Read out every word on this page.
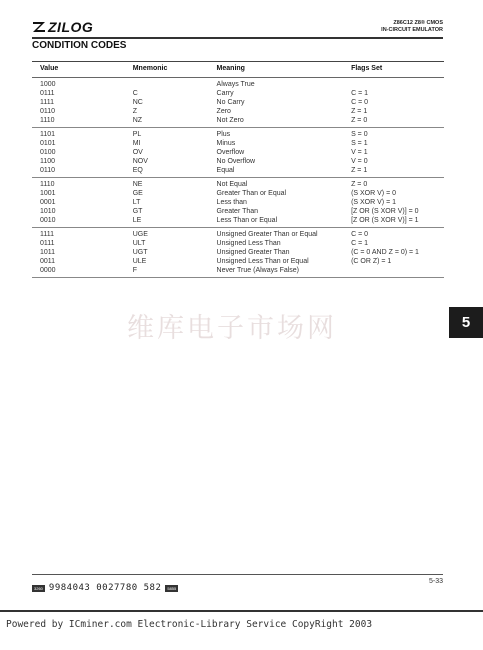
ZILOG	Z86C12 Z8® CMOS
IN-CIRCUIT EMULATOR
CONDITION CODES
Value	Mnemonic	Meaning	Flags Set
1000		Always True	
0111	C	Carry	C = 1
1111	NC	No Carry	C = 0
0110	Z	Zero	Z = 1
1110	NZ	Not Zero	Z = 0
1101	PL	Plus	S = 0
0101	MI	Minus	S = 1
0100	OV	Overflow	V = 1
1100	NOV	No Overflow	V = 0
0110	EQ	Equal	Z = 1
1110	NE	Not Equal	Z = 0
1001	GE	Greater Than or Equal	(S XOR V) = 0
0001	LT	Less than	(S XOR V) = 1
1010	GT	Greater Than	[Z OR (S XOR V)] = 0
0010	LE	Less Than or Equal	[Z OR (S XOR V)] = 1
1111	UGE	Unsigned Greater Than or Equal	C = 0
0111	ULT	Unsigned Less Than	C = 1
1011	UGT	Unsigned Greater Than	(C = 0 AND Z = 0) = 1
0011	ULE	Unsigned Less Than or Equal	(C OR Z) = 1
0000	F	Never True (Always False)	
维库电子市场网	5
3260 9984043 0027780 582	5855
5-33
Powered by ICminer.com Electronic-Library Service CopyRight 2003
